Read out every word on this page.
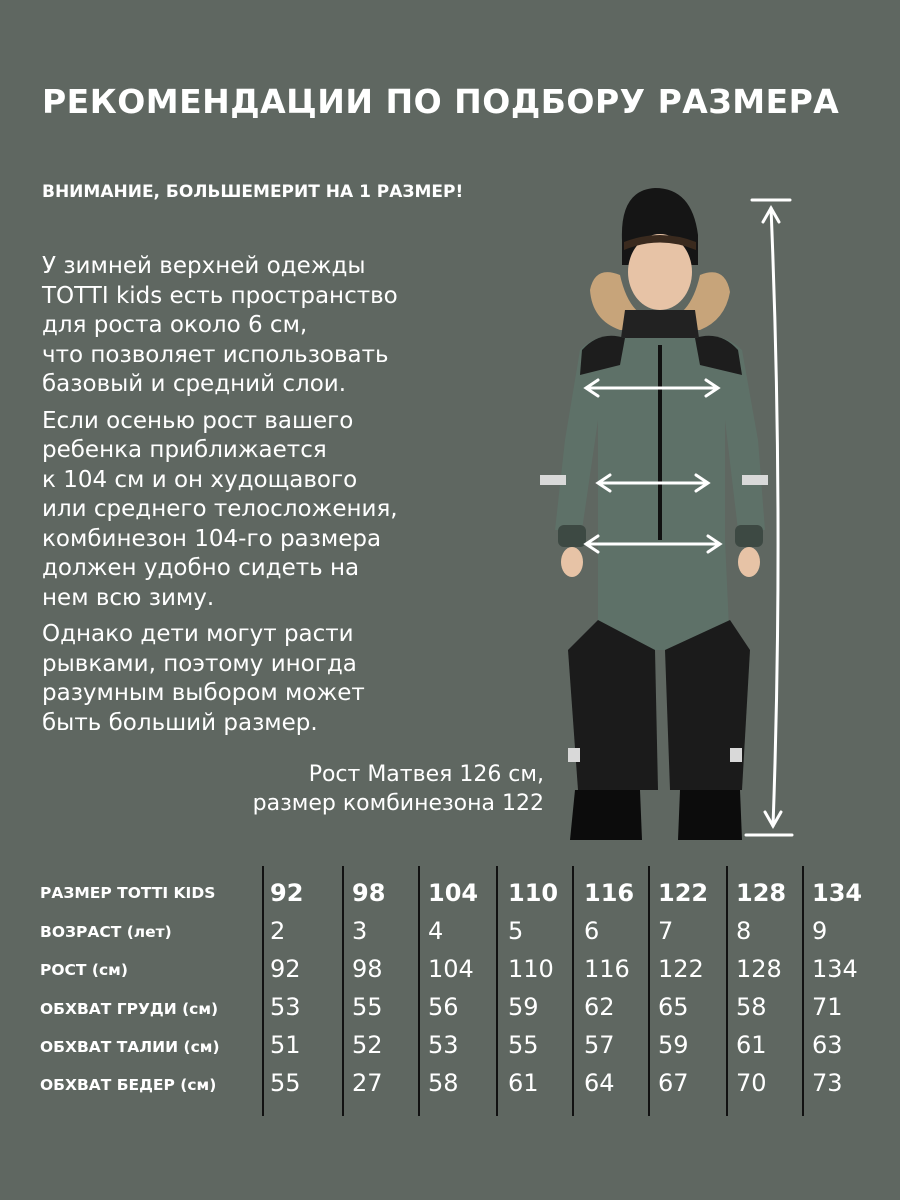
РЕКОМЕНДАЦИИ ПО ПОДБОРУ РАЗМЕРА
ВНИМАНИЕ, БОЛЬШЕМЕРИТ НА 1 РАЗМЕР!

У зимней верхней одежды
TOTTI kids есть пространство
для роста около 6 см,
что позволяет использовать
базовый и средний слои.

Если осенью рост вашего
ребенка приближается
к 104 см и он худощавого
или среднего телосложения,
комбинезон 104-го размера
должен удобно сидеть на
нем всю зиму.

Однако дети могут расти
рывками, поэтому иногда
разумным выбором может
быть больший размер.

Рост Матвея 126 см,
размер комбинезона 122
РАЗМЕР TOTTI KIDS 92 98 104 110 116 122 128 134
ВОЗРАСТ (лет)	2	3	4	5	6 7	8	9
РОСТ (см)	92 98 104 110 116 122 128 134
ОБХВАТ ГРУДИ (см) 53 55 56 59 62 65 58 71
ОБХВАТ ТАЛИИ (см) 51 52 53 55 57 59 61 63
ОБХВАТ БЕДЕР (см) 55 27 58 61 64 67 70 73
